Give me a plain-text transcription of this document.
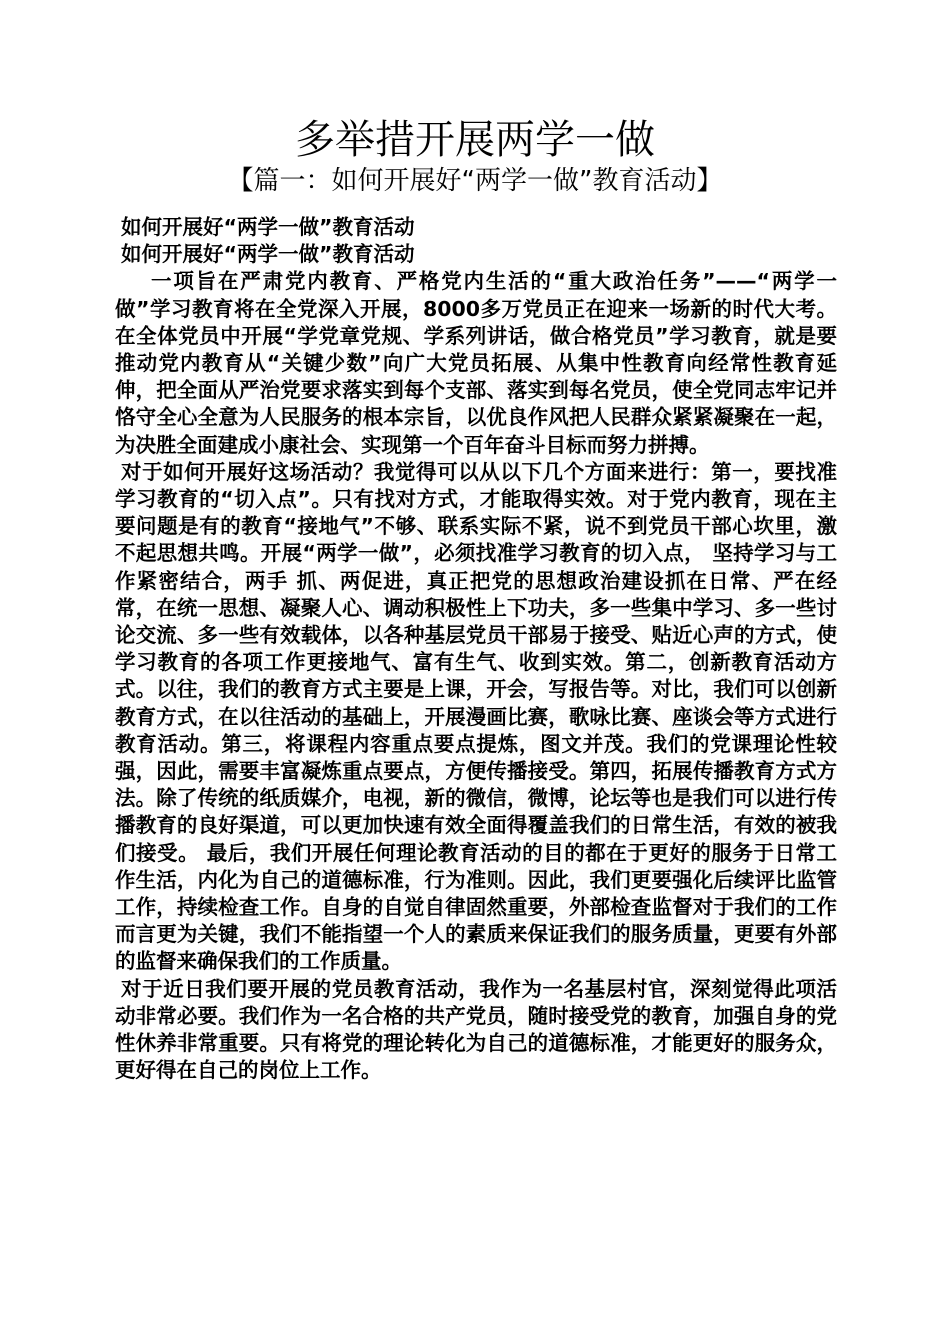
多举措开展两学一做
【篇一：如何开展好“两学一做”教育活动】

如何开展好“两学一做”教育活动

如何开展好“两学一做”教育活动

一项旨在严肃党内教育、严格党内生活的“重大政治任务”——“两学一做”学习教育将在全党深入开展，8000多万党员正在迎来一场新的时代大考。在全体党员中开展“学党章党规、学系列讲话，做合格党员”学习教育，就是要推动党内教育从“关键少数”向广大党员拓展、从集中性教育向经常性教育延伸，把全面从严治党要求落实到每个支部、落实到每名党员，使全党同志牢记并恪守全心全意为人民服务的根本宗旨，以优良作风把人民群众紧紧凝聚在一起，为决胜全面建成小康社会、实现第一个百年奋斗目标而努力拼搏。

对于如何开展好这场活动？我觉得可以从以下几个方面来进行：第一，要找准学习教育的“切入点”。只有找对方式，才能取得实效。对于党内教育，现在主要问题是有的教育“接地气”不够、联系实际不紧，说不到党员干部心坎里，激不起思想共鸣。开展“两学一做”，必须找准学习教育的切入点， 坚持学习与工作紧密结合，两手 抓、两促进，真正把党的思想政治建设抓在日常、严在经常，在统一思想、凝聚人心、调动积极性上下功夫，多一些集中学习、多一些讨论交流、多一些有效载体，以各种基层党员干部易于接受、贴近心声的方式，使学习教育的各项工作更接地气、富有生气、收到实效。第二，创新教育活动方式。以往，我们的教育方式主要是上课，开会，写报告等。对比，我们可以创新教育方式，在以往活动的基础上，开展漫画比赛，歌咏比赛、座谈会等方式进行教育活动。第三，将课程内容重点要点提炼，图文并茂。我们的党课理论性较强，因此，需要丰富凝炼重点要点，方便传播接受。第四，拓展传播教育方式方法。除了传统的纸质媒介，电视，新的微信，微博，论坛等也是我们可以进行传播教育的良好渠道，可以更加快速有效全面得覆盖我们的日常生活，有效的被我们接受。 最后，我们开展任何理论教育活动的目的都在于更好的服务于日常工作生活，内化为自己的道德标准，行为准则。因此，我们更要强化后续评比监管工作，持续检查工作。自身的自觉自律固然重要，外部检查监督对于我们的工作而言更为关键，我们不能指望一个人的素质来保证我们的服务质量，更要有外部的监督来确保我们的工作质量。

对于近日我们要开展的党员教育活动，我作为一名基层村官，深刻觉得此项活动非常必要。我们作为一名合格的共产党员，随时接受党的教育，加强自身的党性休养非常重要。只有将党的理论转化为自己的道德标准，才能更好的服务众，更好得在自己的岗位上工作。
